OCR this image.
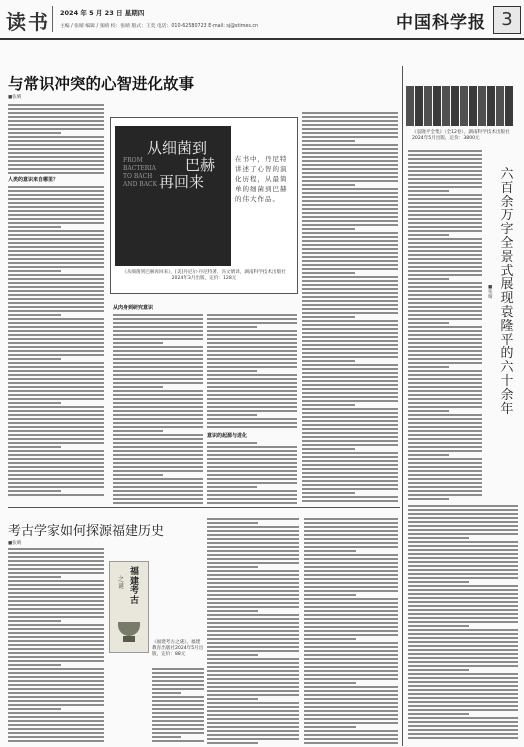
读书 2024 年 5 月 23 日 星期四
主编 / 张晴 编辑 / 张晴 校：张晴 版式：王奕 电话：010-62580723 E-mail: sj@stimes.cn	中国科学报 3
与常识冲突的心智进化故事
■张晴
人类的意识来自哪里？
从细菌到
巴赫
再回来
FROM
BACTERIA
TO BACH
AND BACK
在书中，丹尼特讲述了心智的演化历程，从最简单的细菌到巴赫的伟大作品。
《从细菌到巴赫再回来》，[美]丹尼尔·丹尼特著，冯文婧译，湖南科学技术出版社2024年3月出版，定价：128元
从肉身到研究意识
意识的起源与进化
考古学家如何探源福建历史
■张晴
福建考古
之谜
《福建考古之谜》，福建教育出版社2024年5月出版，定价：88元
《袁隆平全集》（全12卷），湖南科学技术出版社2024年5月出版，定价：3800元
六百余万字全景式展现袁隆平的六十余年
■张晴
